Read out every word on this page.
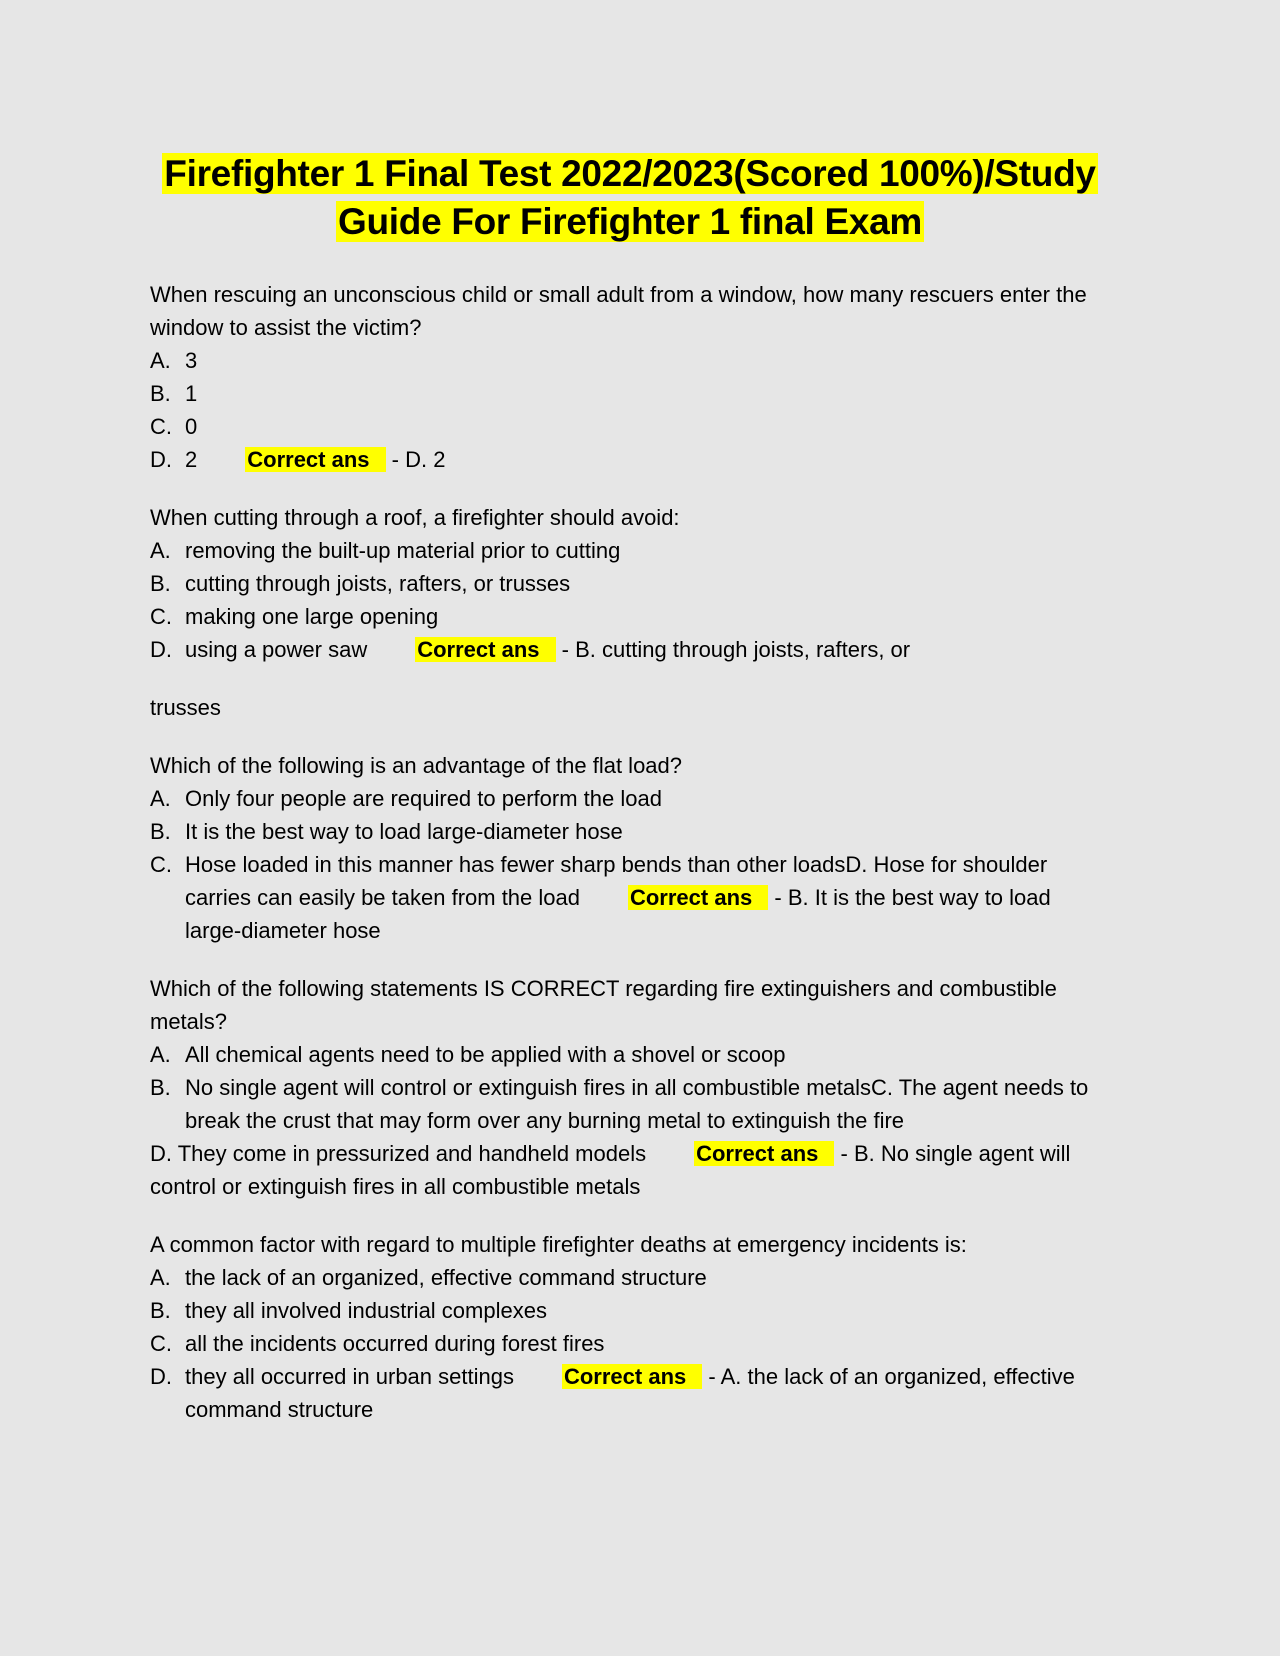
Firefighter 1 Final Test 2022/2023(Scored 100%)/Study
Guide For Firefighter 1 final Exam

When rescuing an unconscious child or small adult from a window, how many rescuers enter the window to assist the victim?

A. 3
B. 1
C. 0
D. 2 Correct ans - D. 2

When cutting through a roof, a firefighter should avoid:

A. removing the built-up material prior to cutting
B. cutting through joists, rafters, or trusses
C. making one large opening
D. using a power saw Correct ans - B. cutting through joists, rafters, or

trusses

Which of the following is an advantage of the flat load?

A. Only four people are required to perform the load
B. It is the best way to load large-diameter hose
C. Hose loaded in this manner has fewer sharp bends than other loadsD. Hose for shoulder carries can easily be taken from the load Correct ans - B. It is the best way to load large-diameter hose

Which of the following statements IS CORRECT regarding fire extinguishers and combustible metals?

A. All chemical agents need to be applied with a shovel or scoop
B. No single agent will control or extinguish fires in all combustible metalsC. The agent needs to break the crust that may form over any burning metal to extinguish the fire

D. They come in pressurized and handheld models Correct ans - B. No single agent will control or extinguish fires in all combustible metals

A common factor with regard to multiple firefighter deaths at emergency incidents is:

A. the lack of an organized, effective command structure
B. they all involved industrial complexes
C. all the incidents occurred during forest fires
D. they all occurred in urban settings Correct ans - A. the lack of an organized, effective command structure
